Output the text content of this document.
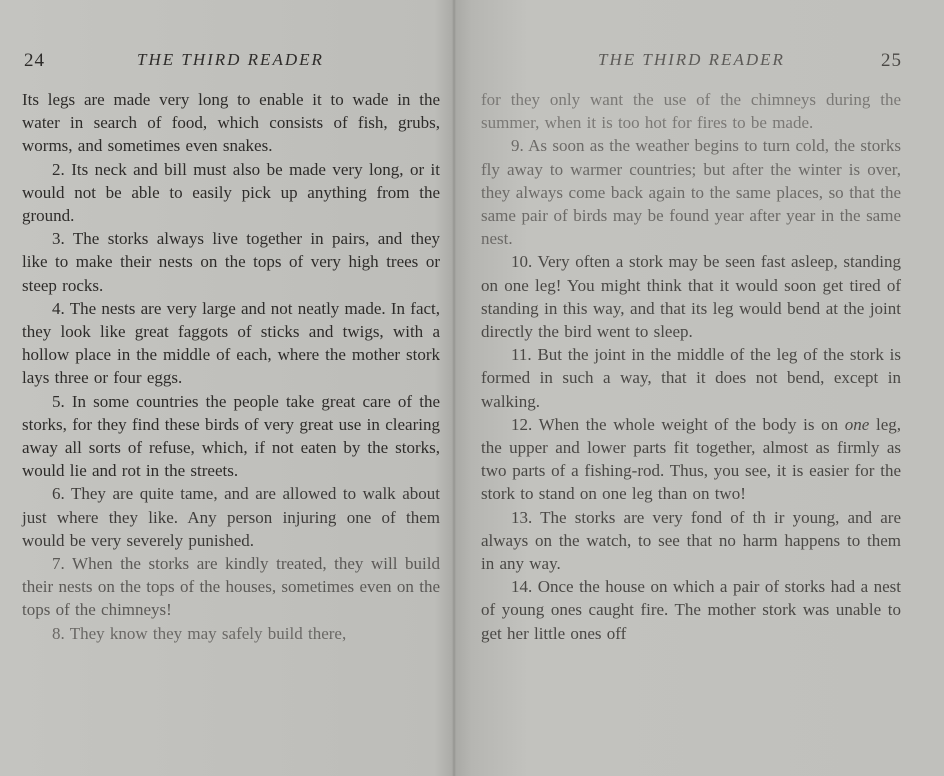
24	THE THIRD READER

Its legs are made very long to enable it to wade in the water in search of food, which consists of fish, grubs, worms, and sometimes even snakes.

2. Its neck and bill must also be made very long, or it would not be able to easily pick up anything from the ground.

3. The storks always live together in pairs, and they like to make their nests on the tops of very high trees or steep rocks.

4. The nests are very large and not neatly made. In fact, they look like great faggots of sticks and twigs, with a hollow place in the middle of each, where the mother stork lays three or four eggs.

5. In some countries the people take great care of the storks, for they find these birds of very great use in clearing away all sorts of refuse, which, if not eaten by the storks, would lie and rot in the streets.

6. They are quite tame, and are allowed to walk about just where they like. Any person injuring one of them would be very severely punished.

7. When the storks are kindly treated, they will build their nests on the tops of the houses, sometimes even on the tops of the chimneys!

8. They know they may safely build there,

THE THIRD READER	25

for they only want the use of the chimneys during the summer, when it is too hot for fires to be made.

9. As soon as the weather begins to turn cold, the storks fly away to warmer countries; but after the winter is over, they always come back again to the same places, so that the same pair of birds may be found year after year in the same nest.

10. Very often a stork may be seen fast asleep, standing on one leg! You might think that it would soon get tired of standing in this way, and that its leg would bend at the joint directly the bird went to sleep.

11. But the joint in the middle of the leg of the stork is formed in such a way, that it does not bend, except in walking.

12. When the whole weight of the body is on one leg, the upper and lower parts fit together, almost as firmly as two parts of a fishing-rod. Thus, you see, it is easier for the stork to stand on one leg than on two!

13. The storks are very fond of th ir young, and are always on the watch, to see that no harm happens to them in any way.

14. Once the house on which a pair of storks had a nest of young ones caught fire. The mother stork was unable to get her little ones off
